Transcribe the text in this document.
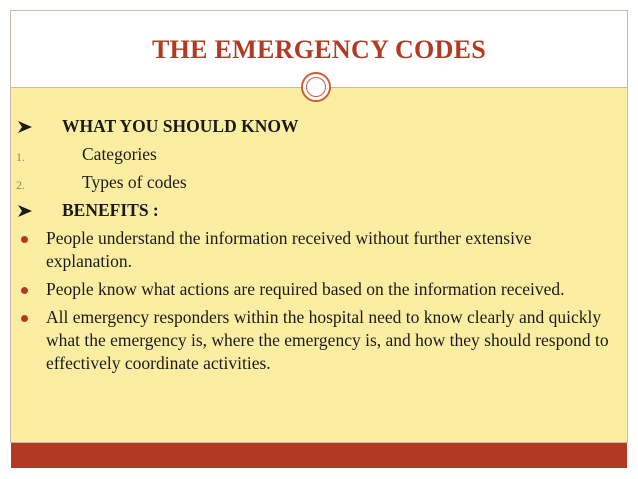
THE EMERGENCY CODES
WHAT YOU SHOULD KNOW
1.	Categories
2.	Types of codes
BENEFITS :
People understand the information received without further extensive explanation.
People know what actions are required based on the information received.
All emergency responders within the hospital need to know clearly and quickly what the emergency is, where the emergency is, and how they should respond to effectively coordinate activities.
